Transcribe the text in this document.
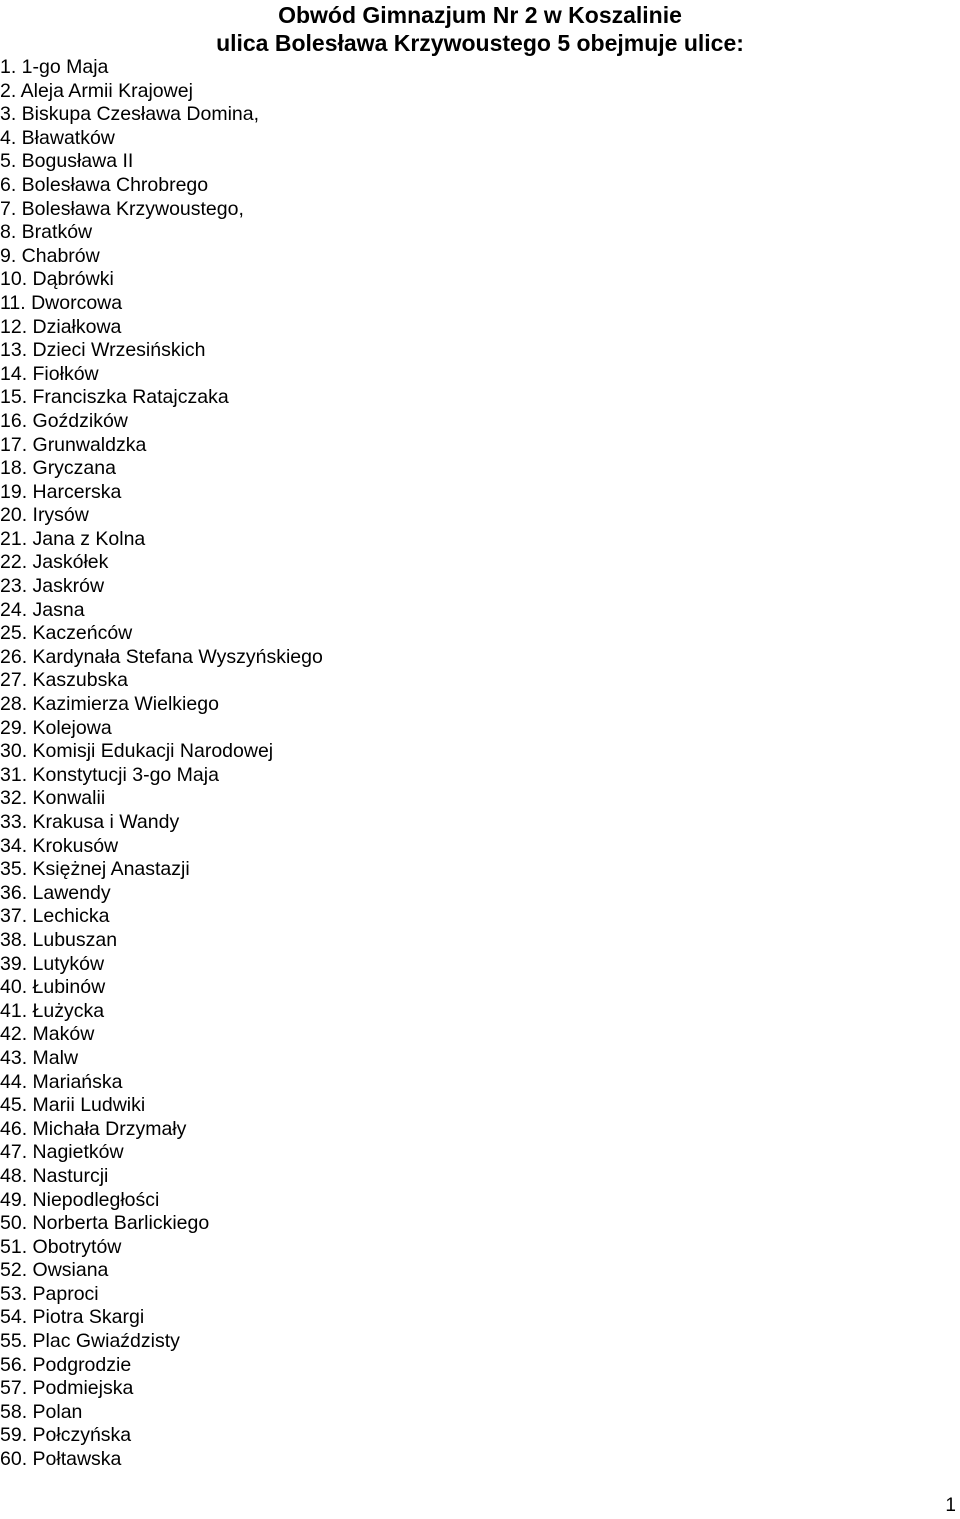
Obwód Gimnazjum Nr 2 w Koszalinie
ulica Bolesława Krzywoustego 5 obejmuje ulice:
1. 1-go Maja
2. Aleja Armii Krajowej
3. Biskupa Czesława Domina,
4. Bławatków
5. Bogusława II
6. Bolesława Chrobrego
7. Bolesława Krzywoustego,
8. Bratków
9. Chabrów
10. Dąbrówki
11. Dworcowa
12. Działkowa
13. Dzieci Wrzesińskich
14. Fiołków
15. Franciszka Ratajczaka
16. Goździków
17. Grunwaldzka
18. Gryczana
19. Harcerska
20. Irysów
21. Jana z Kolna
22. Jaskółek
23. Jaskrów
24. Jasna
25. Kaczeńców
26. Kardynała Stefana Wyszyńskiego
27. Kaszubska
28. Kazimierza Wielkiego
29. Kolejowa
30. Komisji Edukacji Narodowej
31. Konstytucji 3-go Maja
32. Konwalii
33. Krakusa i Wandy
34. Krokusów
35. Księżnej Anastazji
36. Lawendy
37. Lechicka
38. Lubuszan
39. Lutyków
40. Łubinów
41. Łużycka
42. Maków
43. Malw
44. Mariańska
45. Marii Ludwiki
46. Michała Drzymały
47. Nagietków
48. Nasturcji
49. Niepodległości
50. Norberta Barlickiego
51. Obotrytów
52. Owsiana
53. Paproci
54. Piotra Skargi
55. Plac Gwiaździsty
56. Podgrodzie
57. Podmiejska
58. Polan
59. Połczyńska
60. Połtawska
1
